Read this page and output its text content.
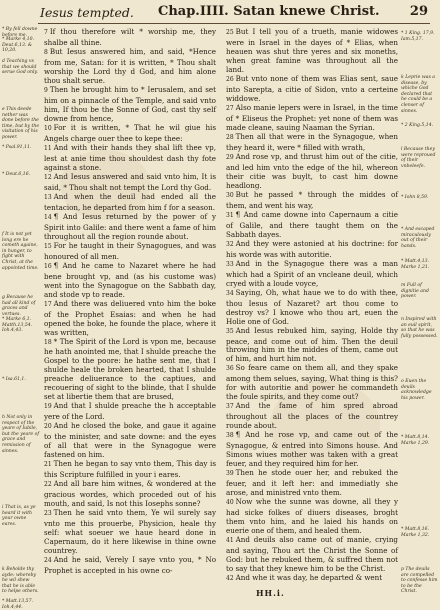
Iesus tempted. Chap.IIII. Satan knewe Christ. 29
* By fell downe before me.
* Marke 4,10. Deut.6,13. & 10,20.
d Teaching vs that we should serue God only.
e This deede nether was done before the time, but by the visitation of his power.
* Psal.91,11.
* Deut.6,16.
f It is not yet long ere he cometh againe, in hunger, to fight with Christ, at the appointed time.
g Because he had all kind of graces and vertues.
* Marke 6,1. Matth.13,54. Ioh.4,43.
* Isa.61,1.
h Not only in respect of the yeare of Iubile, but the yeare of grace and remission of sinnes.
i That is, as ye heard it with your owne eares.
k Beholde thy ayde: whereby he wil shew that he is able to helpe others.
* Matt.13,57. Ioh.4,44.

7 If thou therefore wilt * worship me, they shalbe all thine.

8 But Iesus answered him, and said, *Hence from me, Satan: for it is written, * Thou shalt worship the Lord thy d God, and him alone thou shalt serue.

9 Then he brought him to * Ierusalem, and set him on a pinnacle of the Temple, and said vnto him, If thou be the Sonne of God, cast thy self downe from hence,

10 For it is written, * That he wil giue his Angels charge ouer thee to kepe thee:

11 And with their hands they shal lift thee vp, lest at anie time thou shouldest dash thy fote against a stone.

12 And Iesus answered and said vnto him, It is said, * Thou shalt not tempt the Lord thy God.

13 And when the deuil had ended all the tentacion, he departed from him f for a season.

14 ¶ And Iesus returned by the power of y Spirit into Galile: and there went a fame of him throughout all the region rounde about.

15 For he taught in their Synagogues, and was honoured of all men.

16 ¶ And he came to Nazaret where he had bene brought vp, and (as his custome was) went into the Synagogue on the Sabbath day, and stode vp to reade.

17 And there was deliuered vnto him the boke of the Prophet Esaias: and when he had opened the boke, he founde the place, where it was written,

18 * The Spirit of the Lord is vpon me, because he hath anointed me, that I shulde preache the Gospel to the poore: he hathe sent me, that I shulde heale the broken hearted, that I shulde preache deliuerance to the captiues, and recouering of sight to the blinde, that I shulde set at libertie them that are brused,

19 And that I shulde preache the h acceptable yere of the Lord.

20 And he closed the boke, and gaue it againe to the minister, and sate downe: and the eyes of all that were in the Synagogue were fastened on him.

21 Then he began to say vnto them, This day is this Scripture fulfilled in your i eares.

22 And all bare him witnes, & wondered at the gracious wordes, which proceded out of his mouth, and said, Is not this Iosephs sonne?

23 Then he said vnto them, Ye wil surely say vnto me this prouerbe, Physicion, heale thy self: what soeuer we haue heard done in Capernaum, do it here likewise in thine owne countrey.

24 And he said, Verely I saye vnto you, * No Prophet is accepted in his owne co-

25 But I tell you of a trueth, manie widowes were in Israel in the dayes of * Elias, when heauen was shut thre yeres and six moneths, when great famine was throughout all the land.

26 But vnto none of them was Elias sent, saue into Sarepta, a citie of Sidon, vnto a certeine widdowe.

27 Also manie lepers were in Israel, in the time of * Eliseus the Prophet: yet none of them was made cleane, sauing Naaman the Syrian.

28 Then all that were in the Synagogue, when they heard it, were * filled with wrath,

29 And rose vp, and thrust him out of the citie, and led him vnto the edge of the hil, whereon their citie was buylt, to cast him downe headlong.

30 But he passed * through the middes of them, and went his way,

31 ¶ And came downe into Capernaum a citie of Galile, and there taught them on the Sabbath dayes.

32 And they were astonied at his doctrine: for his worde was with autoritie.

33 And in the Synagogue there was a man which had a Spirit of an vncleane deuil, which cryed with a loude voyce,

34 Saying, Oh, what haue we to do with thee, thou Iesus of Nazaret? art thou come to destroy vs? I knowe who thou art, euen the Holie one of God.

35 And Iesus rebuked him, saying, Holde thy peace, and come out of him. Then the deuil throwing him in the middes of them, came out of him, and hurt him not.

36 So feare came on them all, and they spake among them selues, saying, What thing is this? for with autoritie and power he commandeth the foule spirits, and they come out?

37 And the fame of him spred abroad throughout all the places of the countrey rounde about.

38 ¶ And he rose vp, and came out of the Synagogue, & entred into Simons house. And Simons wiues mother was taken with a great feuer, and they required him for her.

39 Then he stode ouer her, and rebuked the feuer, and it left her: and immediatly she arose, and ministred vnto them.

40 Now whe the sunne was downe, all they y had sicke folkes of diuers diseases, broght them vnto him, and he laied his hands on euerie one of them, and healed them.

41 And deuils also came out of manie, crying and saying, Thou art the Christ the Sonne of God: but he rebuked them, & suffred them not to say that they knewe him to be the Christ.

42 And whe it was day, he departed & went

* 1 King. 17,9. Iam.5,17.
k Leprie was a disease, by whiche God declared that he could be a clenser of sinnes.
* 2 King.5,14.
l Because they were reproued of their vnbeleefe.
* Iohn 8,59.
* And escaped miraculously out of their hands.
* Matt.4,13. Marke 1,21.
m Full of dignitie and power.
n Inspired with an euil spirit, so that he was fully possessed.
o Euen the deuils acknowledge his power.
* Matt.8,14. Marke 1,29.
* Matt.8,16. Marke 1,32.
p The deuils are compelled to confesse him to be the Christ.
HH.i.
